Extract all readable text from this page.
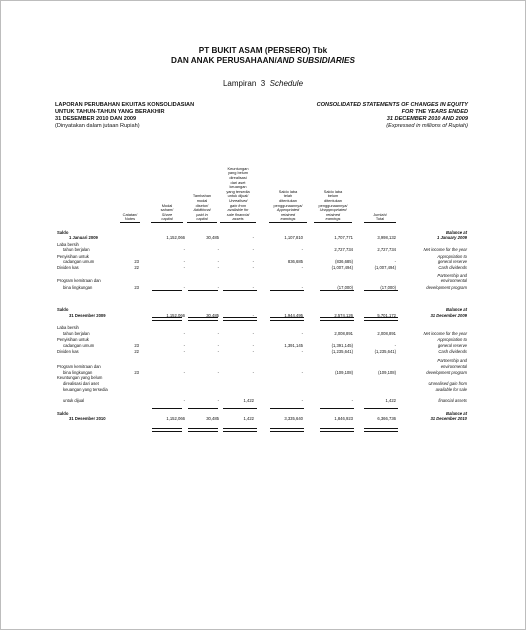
PT BUKIT ASAM (PERSERO) Tbk
DAN ANAK PERUSAHAAN/AND SUBSIDIARIES
Lampiran 3 Schedule
LAPORAN PERUBAHAN EKUITAS KONSOLIDASIAN
UNTUK TAHUN-TAHUN YANG BERAKHIR
31 DESEMBER 2010 DAN 2009
(Dinyatakan dalam jutaan Rupiah)
CONSOLIDATED STATEMENTS OF CHANGES IN EQUITY
FOR THE YEARS ENDED
31 DECEMBER 2010 AND 2009
(Expressed in millions of Rupiah)
Catatan/
Notes
Modal
saham/
Share
capital
Tambahan
modal
disetor/
Additional
paid in
capital
Keuntungan
yang belum
direalisasi
dari aset
keuangan
yang tersedia
untuk dijual/
Unrealised
gain from
available for
sale financial
assets
Saldo laba
telah
ditentukan
penggunaannya/
Appropriated
retained
earnings
Saldo laba
belum
ditentukan
penggunaannya/
Unappropriated
retained
earnings
Jumlah/
Total
Saldo	Balance at
1 Januari 2009	1,152,066	30,485	-	1,107,810	1,707,771	3,998,132	1 January 2009
Laba bersih
tahun berjalan	-	-	-	-	2,727,734	2,727,734	Net income for the year
Penyisihan untuk	Appropriation to
cadangan umum	23	-	-	-	836,685	(836,685)	-	general reserve
Dividen kas	22	-	-	-	-	(1,007,494)	(1,007,494)	Cash dividends
Partnership and
Program kemitraan dan	environmental
bina lingkungan	23	-	-	-	-	(17,000)	(17,000)	development program
Saldo	Balance at
31 Desember 2009	1,152,066	30,485	-	1,944,495	2,574,126	5,701,172	31 December 2009
Laba bersih
tahun berjalan	-	-	-	-	2,008,891	2,008,891	Net income for the year
Penyisihan untuk	Appropriation to
cadangan umum	23	-	-	-	1,391,145	(1,391,145)	-	general reserve
Dividen kas	22	-	-	-	-	(1,235,641)	(1,235,641)	Cash dividends
Partnership and
Program kemitraan dan	environmental
bina lingkungan	23	-	-	-	-	(109,108)	(109,108)	development program
Keuntungan yang belum
direalisasi dari aset	Unrealised gain from
keuangan yang tersedia	available for sale
untuk dijual	-	-	1,422	-	-	1,422	financial assets
Saldo	Balance at
31 Desember 2010	1,152,066	30,485	1,422	3,335,640	1,846,923	6,366,736	31 December 2010
